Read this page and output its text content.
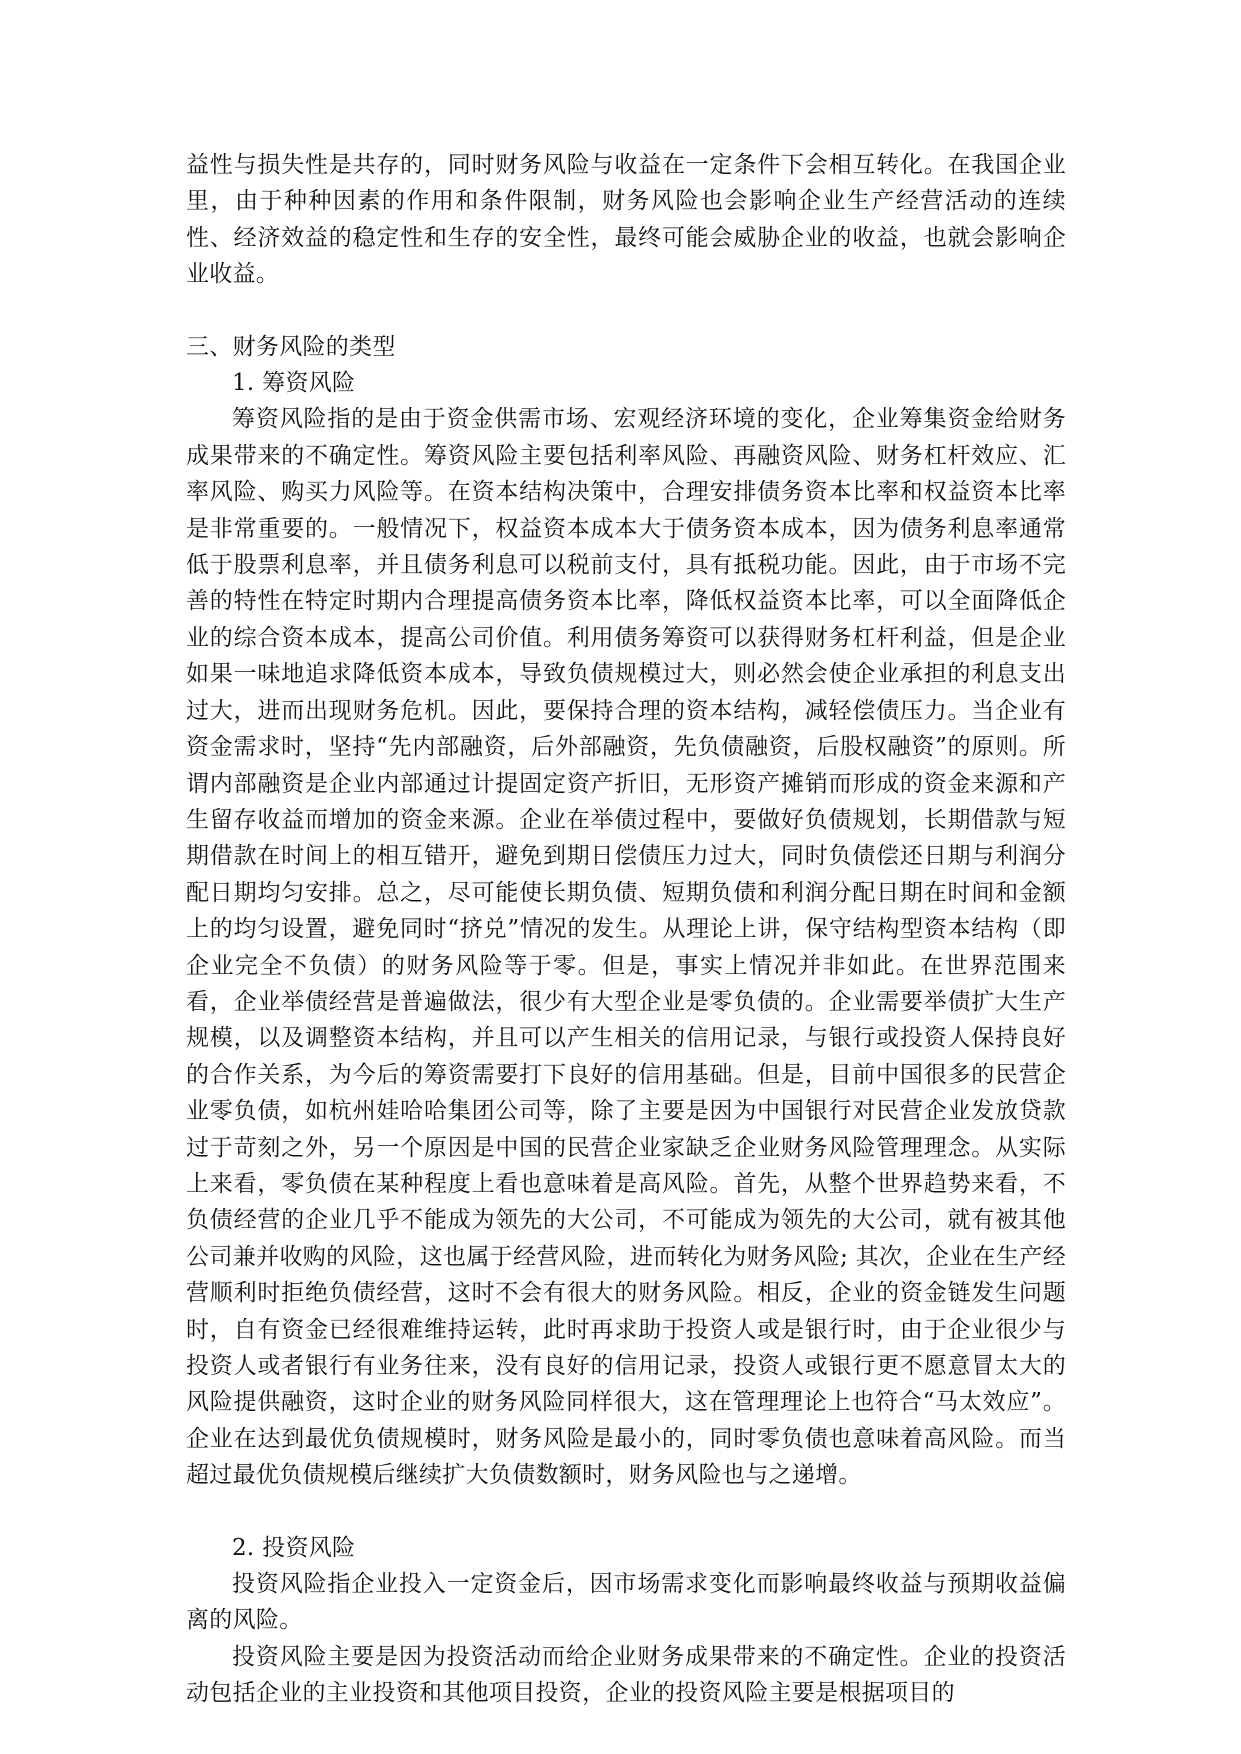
益性与损失性是共存的，同时财务风险与收益在一定条件下会相互转化。在我国企业里，由于种种因素的作用和条件限制，财务风险也会影响企业生产经营活动的连续性、经济效益的稳定性和生存的安全性，最终可能会威胁企业的收益，也就会影响企业收益。

三、财务风险的类型

1. 筹资风险

筹资风险指的是由于资金供需市场、宏观经济环境的变化，企业筹集资金给财务成果带来的不确定性。筹资风险主要包括利率风险、再融资风险、财务杠杆效应、汇率风险、购买力风险等。在资本结构决策中，合理安排债务资本比率和权益资本比率是非常重要的。一般情况下，权益资本成本大于债务资本成本，因为债务利息率通常低于股票利息率，并且债务利息可以税前支付，具有抵税功能。因此，由于市场不完善的特性在特定时期内合理提高债务资本比率，降低权益资本比率，可以全面降低企业的综合资本成本，提高公司价值。利用债务筹资可以获得财务杠杆利益，但是企业如果一味地追求降低资本成本，导致负债规模过大，则必然会使企业承担的利息支出过大，进而出现财务危机。因此，要保持合理的资本结构，减轻偿债压力。当企业有资金需求时，坚持“先内部融资，后外部融资，先负债融资，后股权融资”的原则。所谓内部融资是企业内部通过计提固定资产折旧，无形资产摊销而形成的资金来源和产生留存收益而增加的资金来源。企业在举债过程中，要做好负债规划，长期借款与短期借款在时间上的相互错开，避免到期日偿债压力过大，同时负债偿还日期与利润分配日期均匀安排。总之，尽可能使长期负债、短期负债和利润分配日期在时间和金额上的均匀设置，避免同时“挤兑”情况的发生。从理论上讲，保守结构型资本结构（即企业完全不负债）的财务风险等于零。但是，事实上情况并非如此。在世界范围来看，企业举债经营是普遍做法，很少有大型企业是零负债的。企业需要举债扩大生产规模，以及调整资本结构，并且可以产生相关的信用记录，与银行或投资人保持良好的合作关系，为今后的筹资需要打下良好的信用基础。但是，目前中国很多的民营企业零负债，如杭州娃哈哈集团公司等，除了主要是因为中国银行对民营企业发放贷款过于苛刻之外，另一个原因是中国的民营企业家缺乏企业财务风险管理理念。从实际上来看，零负债在某种程度上看也意味着是高风险。首先，从整个世界趋势来看，不负债经营的企业几乎不能成为领先的大公司，不可能成为领先的大公司，就有被其他公司兼并收购的风险，这也属于经营风险，进而转化为财务风险; 其次，企业在生产经营顺利时拒绝负债经营，这时不会有很大的财务风险。相反，企业的资金链发生问题　时，自有资金已经很难维持运转，此时再求助于投资人或是银行时，由于企业很少与投资人或者银行有业务往来，没有良好的信用记录，投资人或银行更不愿意冒太大的风险提供融资，这时企业的财务风险同样很大，这在管理理论上也符合“马太效应”。企业在达到最优负债规模时，财务风险是最小的，同时零负债也意味着高风险。而当超过最优负债规模后继续扩大负债数额时，财务风险也与之递增。

2. 投资风险

投资风险指企业投入一定资金后，因市场需求变化而影响最终收益与预期收益偏离的风险。

投资风险主要是因为投资活动而给企业财务成果带来的不确定性。企业的投资活动包括企业的主业投资和其他项目投资，企业的投资风险主要是根据项目的
